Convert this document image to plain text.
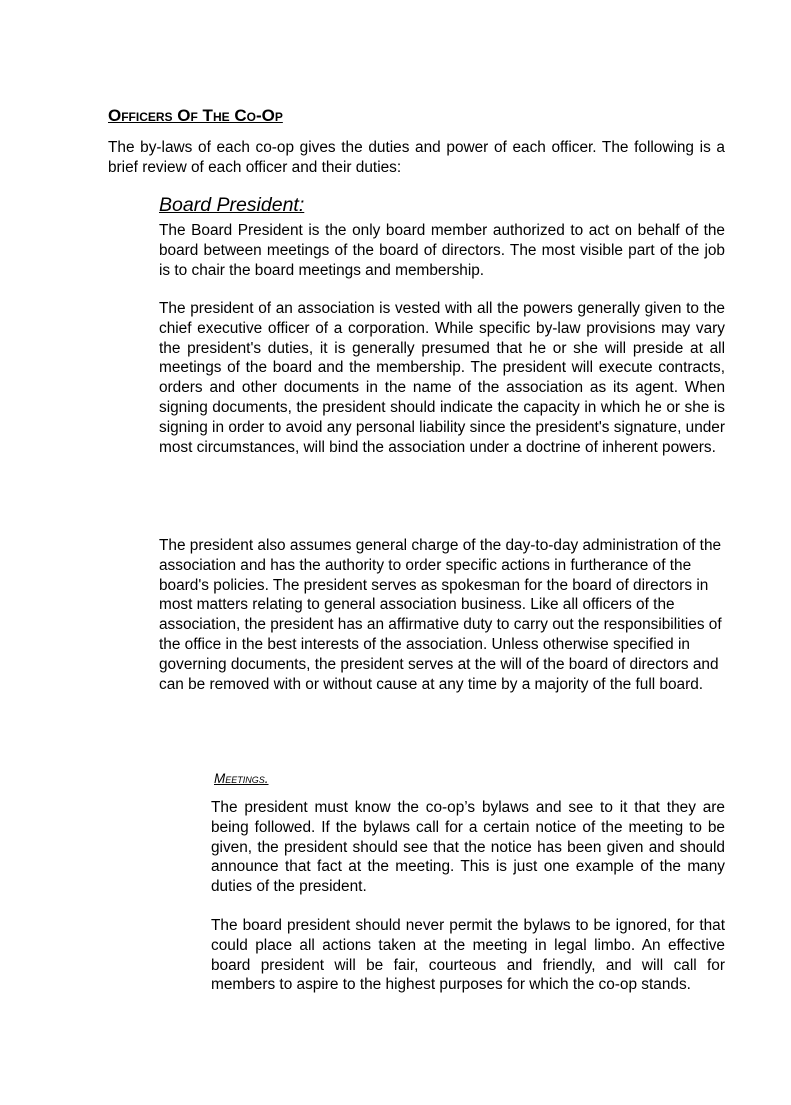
Officers Of The Co-Op

The by-laws of each co-op gives the duties and power of each officer. The following is a brief review of each officer and their duties:

Board President:

The Board President is the only board member authorized to act on behalf of the board between meetings of the board of directors. The most visible part of the job is to chair the board meetings and membership.

The president of an association is vested with all the powers generally given to the chief executive officer of a corporation. While specific by-law provisions may vary the president's duties, it is generally presumed that he or she will preside at all meetings of the board and the membership. The president will execute contracts, orders and other documents in the name of the association as its agent. When signing documents, the president should indicate the capacity in which he or she is signing in order to avoid any personal liability since the president's signature, under most circumstances, will bind the association under a doctrine of inherent powers.

The president also assumes general charge of the day-to-day administration of the association and has the authority to order specific actions in furtherance of the board's policies. The president serves as spokesman for the board of directors in most matters relating to general association business. Like all officers of the association, the president has an affirmative duty to carry out the responsibilities of the office in the best interests of the association. Unless otherwise specified in governing documents, the president serves at the will of the board of directors and can be removed with or without cause at any time by a majority of the full board.

Meetings.

The president must know the co-op’s bylaws and see to it that they are being followed. If the bylaws call for a certain notice of the meeting to be given, the president should see that the notice has been given and should announce that fact at the meeting. This is just one example of the many duties of the president.

The board president should never permit the bylaws to be ignored, for that could place all actions taken at the meeting in legal limbo. An effective board president will be fair, courteous and friendly, and will call for members to aspire to the highest purposes for which the co-op stands.
